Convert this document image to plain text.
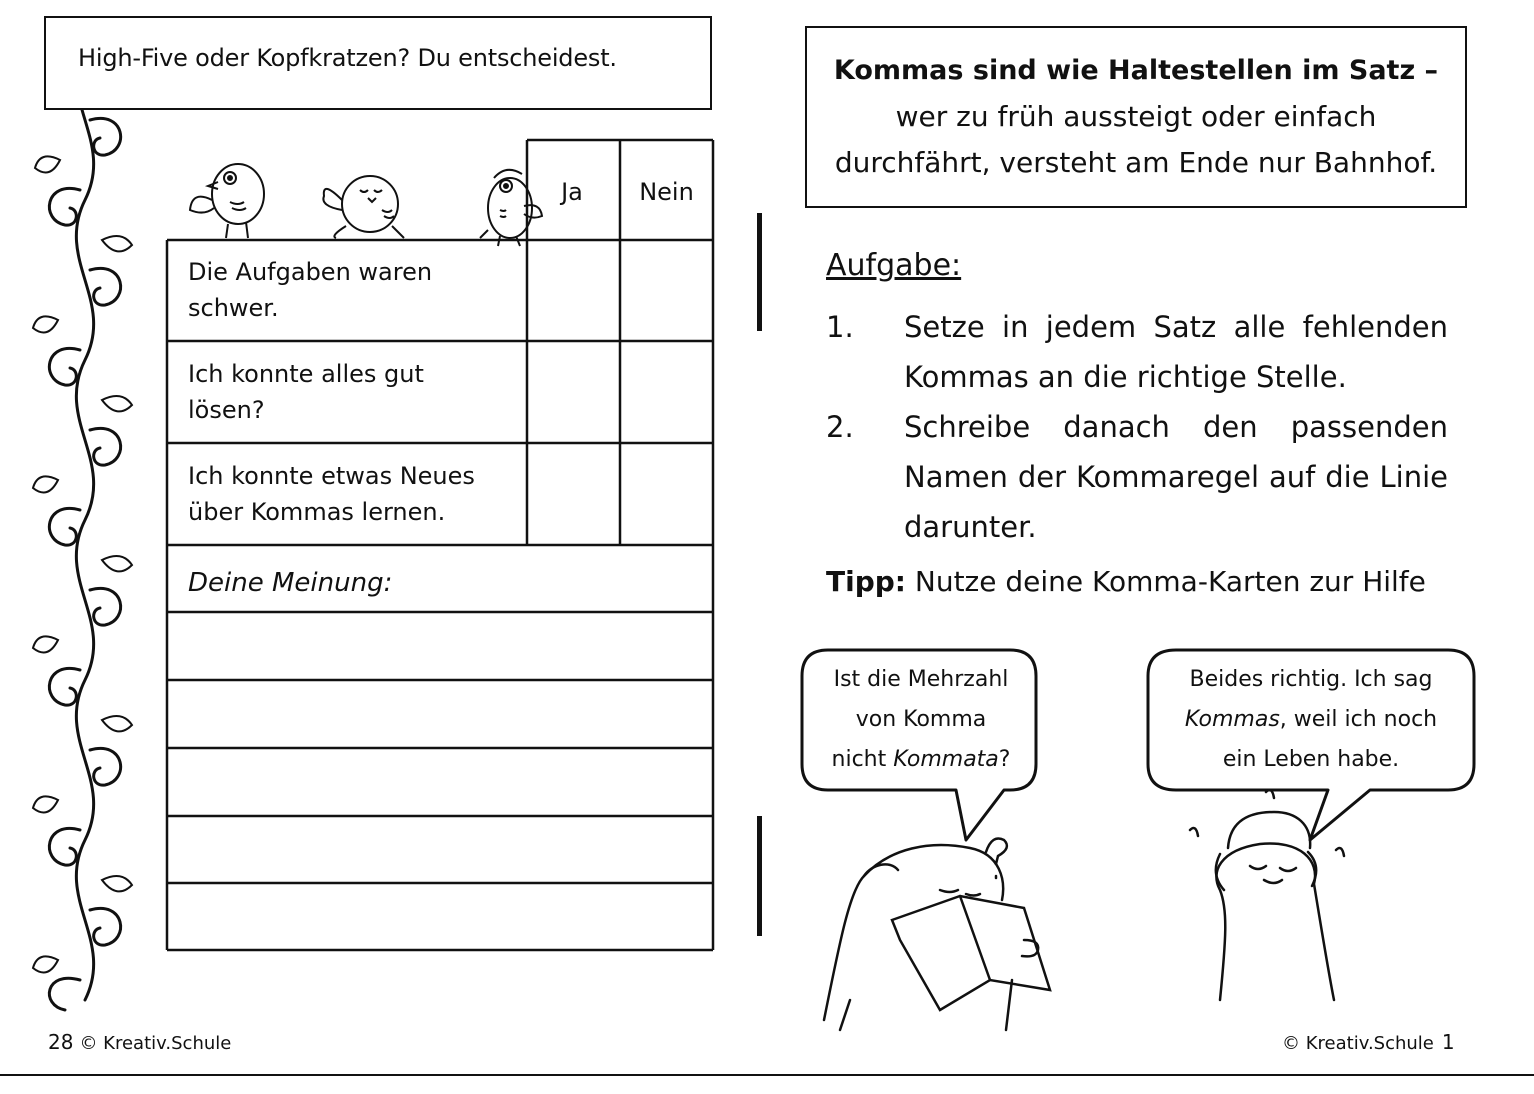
High-Five oder Kopfkratzen? Du entscheidest.
Ja	Nein
Die Aufgaben waren
schwer.
Ich konnte alles gut
lösen?
Ich konnte etwas Neues
über Kommas lernen.
Deine Meinung:
28 © Kreativ.Schule
Kommas sind wie Haltestellen im Satz –
wer zu früh aussteigt oder einfach
durchfährt, versteht am Ende nur Bahnhof.
Aufgabe:
1. Setze in jedem Satz alle fehlenden
Kommas an die richtige Stelle.
2. Schreibe danach den passenden
Namen der Kommaregel auf die Linie
darunter.
Tipp: Nutze deine Komma-Karten zur Hilfe
Ist die Mehrzahl
von Komma
nicht Kommata?
Beides richtig. Ich sag
Kommas, weil ich noch
ein Leben habe.
© Kreativ.Schule 1
